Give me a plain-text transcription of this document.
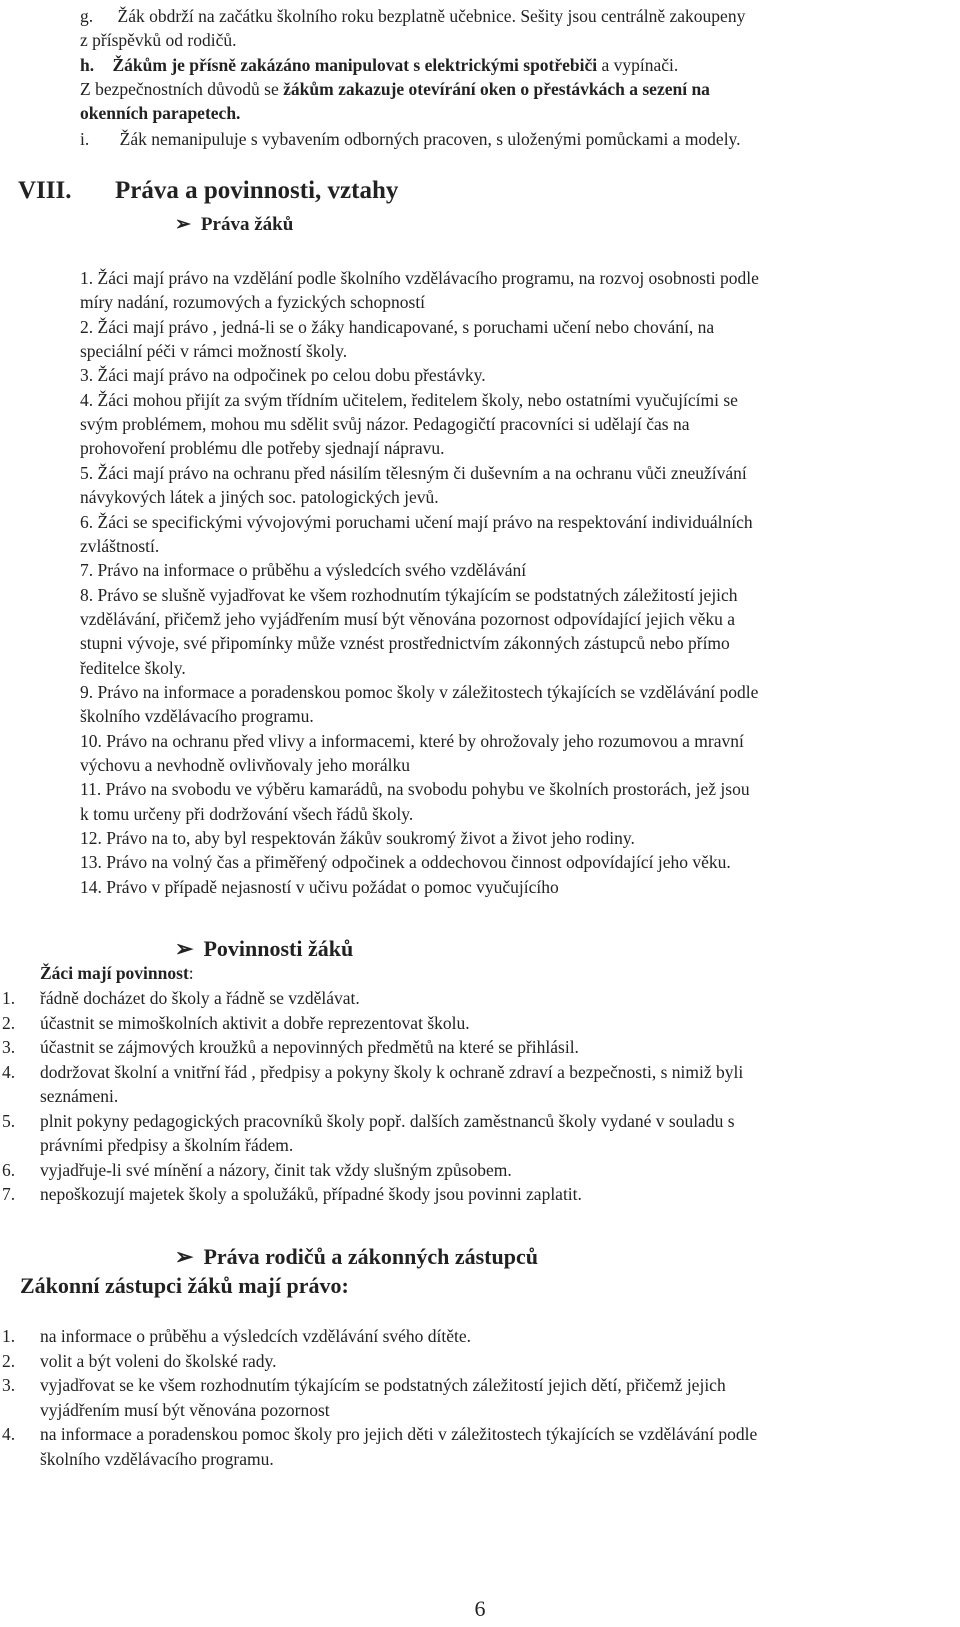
g. Žák obdrží na začátku školního roku bezplatně učebnice. Sešity jsou centrálně zakoupeny
z příspěvků od rodičů.
h. Žákům je přísně zakázáno manipulovat s elektrickými spotřebiči a vypínači.
Z bezpečnostních důvodů se žákům zakazuje otevírání oken o přestávkách a sezení na
okenních parapetech.
i. Žák nemanipuluje s vybavením odborných pracoven, s uloženými pomůckami a modely.
VIII. Práva a povinnosti, vztahy
➢ Práva žáků
1. Žáci mají právo na vzdělání podle školního vzdělávacího programu, na rozvoj osobnosti podle
míry nadání, rozumových a fyzických schopností
2. Žáci mají právo , jedná-li se o žáky handicapované, s poruchami učení nebo chování, na
speciální péči v rámci možností školy.
3. Žáci mají právo na odpočinek po celou dobu přestávky.
4. Žáci mohou přijít za svým třídním učitelem, ředitelem školy, nebo ostatními vyučujícími se
svým problémem, mohou mu sdělit svůj názor. Pedagogičtí pracovníci si udělají čas na
prohovoření problému dle potřeby sjednají nápravu.
5. Žáci mají právo na ochranu před násilím tělesným či duševním a na ochranu vůči zneužívání
návykových látek a jiných soc. patologických jevů.
6. Žáci se specifickými vývojovými poruchami učení mají právo na respektování individuálních
zvláštností.
7. Právo na informace o průběhu a výsledcích svého vzdělávání
8. Právo se slušně vyjadřovat ke všem rozhodnutím týkajícím se podstatných záležitostí jejich
vzdělávání, přičemž jeho vyjádřením musí být věnována pozornost odpovídající jejich věku a
stupni vývoje, své připomínky může vznést prostřednictvím zákonných zástupců nebo přímo
ředitelce školy.
9. Právo na informace a poradenskou pomoc školy v záležitostech týkajících se vzdělávání podle
školního vzdělávacího programu.
10. Právo na ochranu před vlivy a informacemi, které by ohrožovaly jeho rozumovou a mravní
výchovu a nevhodně ovlivňovaly jeho morálku
11. Právo na svobodu ve výběru kamarádů, na svobodu pohybu ve školních prostorách, jež jsou
k tomu určeny při dodržování všech řádů školy.
12. Právo na to, aby byl respektován žákův soukromý život a život jeho rodiny.
13. Právo na volný čas a přiměřený odpočinek a oddechovou činnost odpovídající jeho věku.
14. Právo v případě nejasností v učivu požádat o pomoc vyučujícího
➢ Povinnosti žáků
Žáci mají povinnost:
1. řádně docházet do školy a řádně se vzdělávat.
2. účastnit se mimoškolních aktivit a dobře reprezentovat školu.
3. účastnit se zájmových kroužků a nepovinných předmětů na které se přihlásil.
4. dodržovat školní a vnitřní řád , předpisy a pokyny školy k ochraně zdraví a bezpečnosti, s nimiž byli
seznámeni.
5. plnit pokyny pedagogických pracovníků školy popř. dalších zaměstnanců školy vydané v souladu s
právními předpisy a školním řádem.
6. vyjadřuje-li své mínění a názory, činit tak vždy slušným způsobem.
7. nepoškozují majetek školy a spolužáků, případné škody jsou povinni zaplatit.
➢ Práva rodičů a zákonných zástupců
Zákonní zástupci žáků mají právo:
1. na informace o průběhu a výsledcích vzdělávání svého dítěte.
2. volit a být voleni do školské rady.
3. vyjadřovat se ke všem rozhodnutím týkajícím se podstatných záležitostí jejich dětí, přičemž jejich
vyjádřením musí být věnována pozornost
4. na informace a poradenskou pomoc školy pro jejich děti v záležitostech týkajících se vzdělávání podle
školního vzdělávacího programu.
6
